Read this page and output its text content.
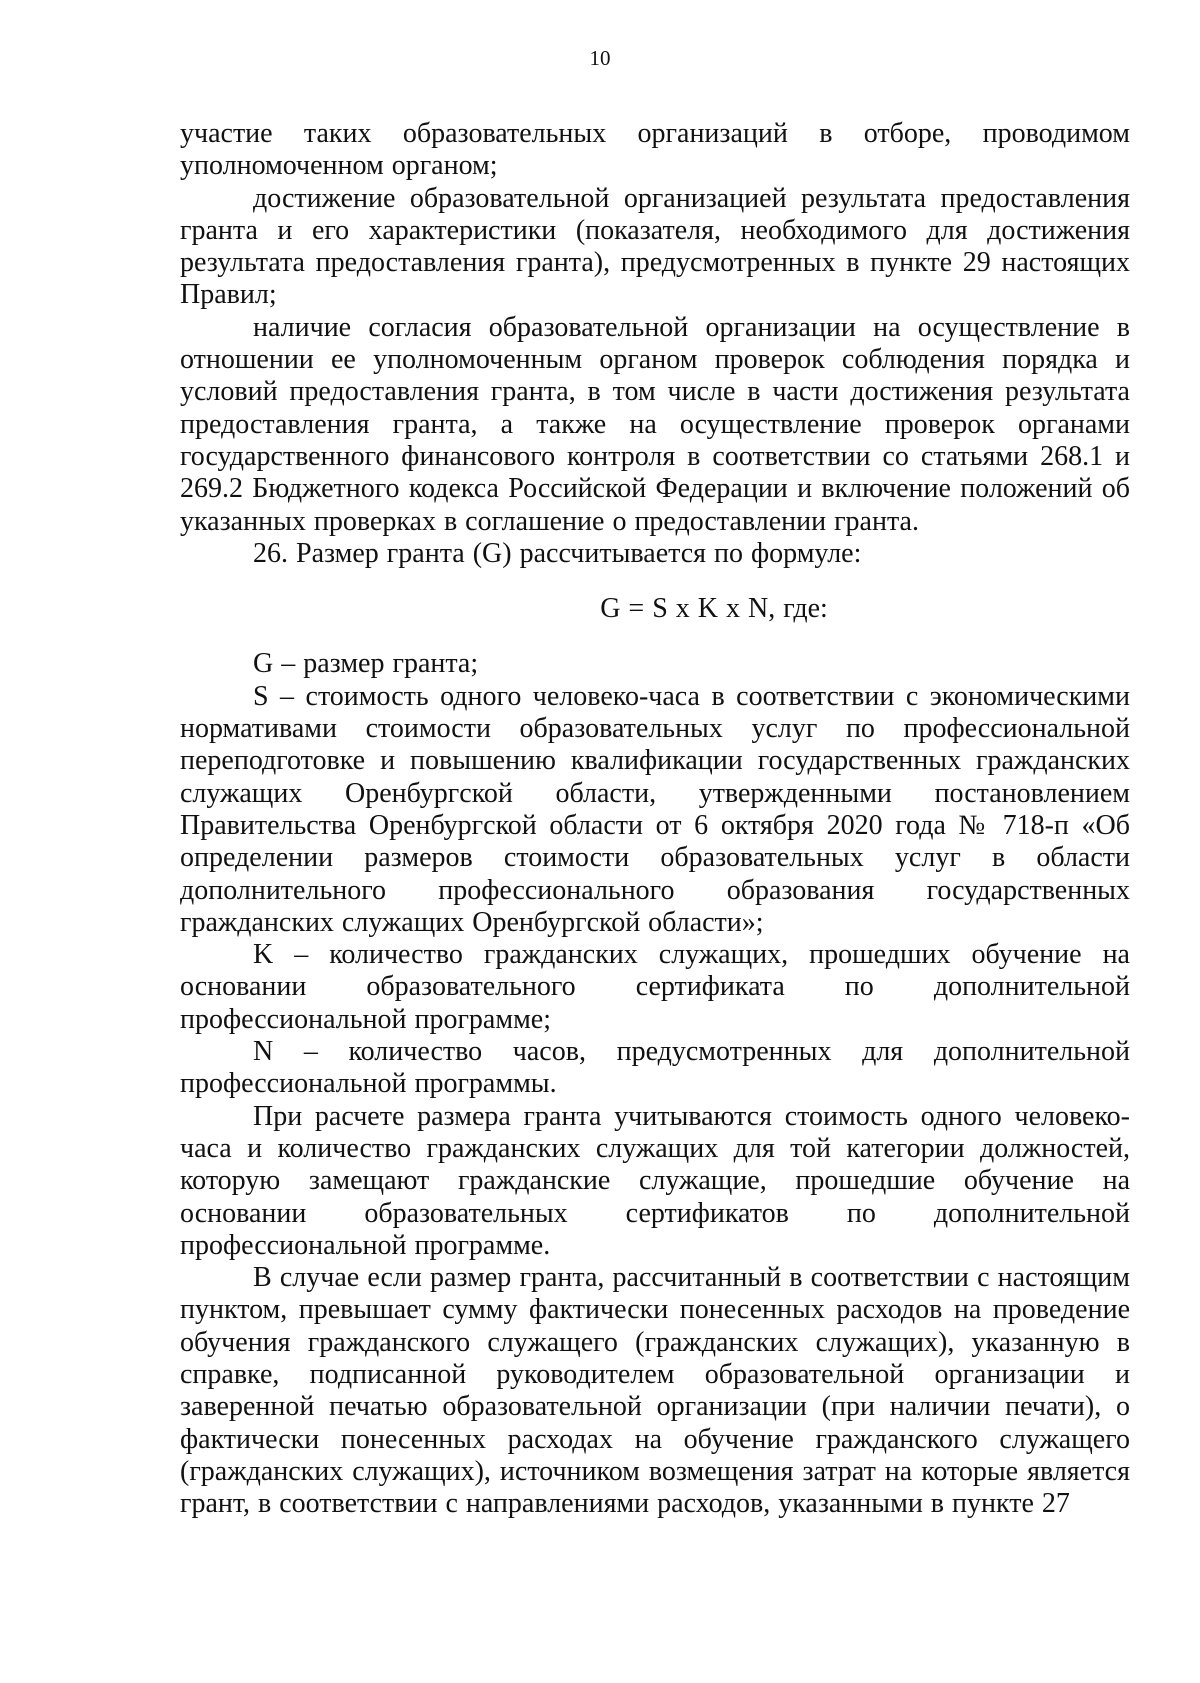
10

участие таких образовательных организаций в отборе, проводимом уполномоченном органом;

достижение образовательной организацией результата предоставления гранта и его характеристики (показателя, необходимого для достижения результата предоставления гранта), предусмотренных в пункте 29 настоящих Правил;

наличие согласия образовательной организации на осуществление в отношении ее уполномоченным органом проверок соблюдения порядка и условий предоставления гранта, в том числе в части достижения результата предоставления гранта, а также на осуществление проверок органами государственного финансового контроля в соответствии со статьями 268.1 и 269.2 Бюджетного кодекса Российской Федерации и включение положений об указанных проверках в соглашение о предоставлении гранта.

26. Размер гранта (G) рассчитывается по формуле:

G = S x K x N, где:

G – размер гранта;

S – стоимость одного человеко-часа в соответствии с экономическими нормативами стоимости образовательных услуг по профессиональной переподготовке и повышению квалификации государственных гражданских служащих Оренбургской области, утвержденными постановлением Правительства Оренбургской области от 6 октября 2020 года № 718-п «Об определении размеров стоимости образовательных услуг в области дополнительного профессионального образования государственных гражданских служащих Оренбургской области»;

K – количество гражданских служащих, прошедших обучение на основании образовательного сертификата по дополнительной профессиональной программе;

N – количество часов, предусмотренных для дополнительной профессиональной программы.

При расчете размера гранта учитываются стоимость одного человеко-часа и количество гражданских служащих для той категории должностей, которую замещают гражданские служащие, прошедшие обучение на основании образовательных сертификатов по дополнительной профессиональной программе.

В случае если размер гранта, рассчитанный в соответствии с настоящим пунктом, превышает сумму фактически понесенных расходов на проведение обучения гражданского служащего (гражданских служащих), указанную в справке, подписанной руководителем образовательной организации и заверенной печатью образовательной организации (при наличии печати), о фактически понесенных расходах на обучение гражданского служащего (гражданских служащих), источником возмещения затрат на которые является грант, в соответствии с направлениями расходов, указанными в пункте 27
